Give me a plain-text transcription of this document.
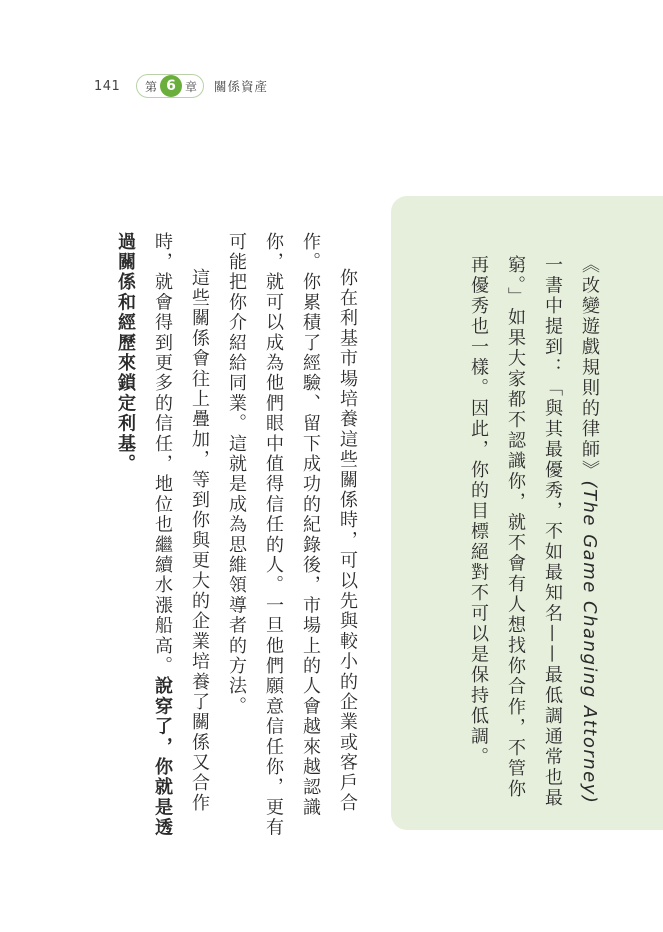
141	第 6 章 關係資產
《改變遊戲規則的律師》(The Game Changing Attorney)一書中提到：「與其最優秀，不如最知名——最低調通常也最窮。」如果大家都不認識你，就不會有人想找你合作，不管你再優秀也一樣。因此，你的目標絕對不可以是保持低調。

你在利基市場培養這些關係時，可以先與較小的企業或客戶合作。你累積了經驗、留下成功的紀錄後，市場上的人會越來越認識你，就可以成為他們眼中值得信任的人。一旦他們願意信任你，更有可能把你介紹給同業。這就是成為思維領導者的方法。

這些關係會往上疊加，等到你與更大的企業培養了關係又合作時，就會得到更多的信任，地位也繼續水漲船高。說穿了，你就是透過關係和經歷來鎖定利基。
